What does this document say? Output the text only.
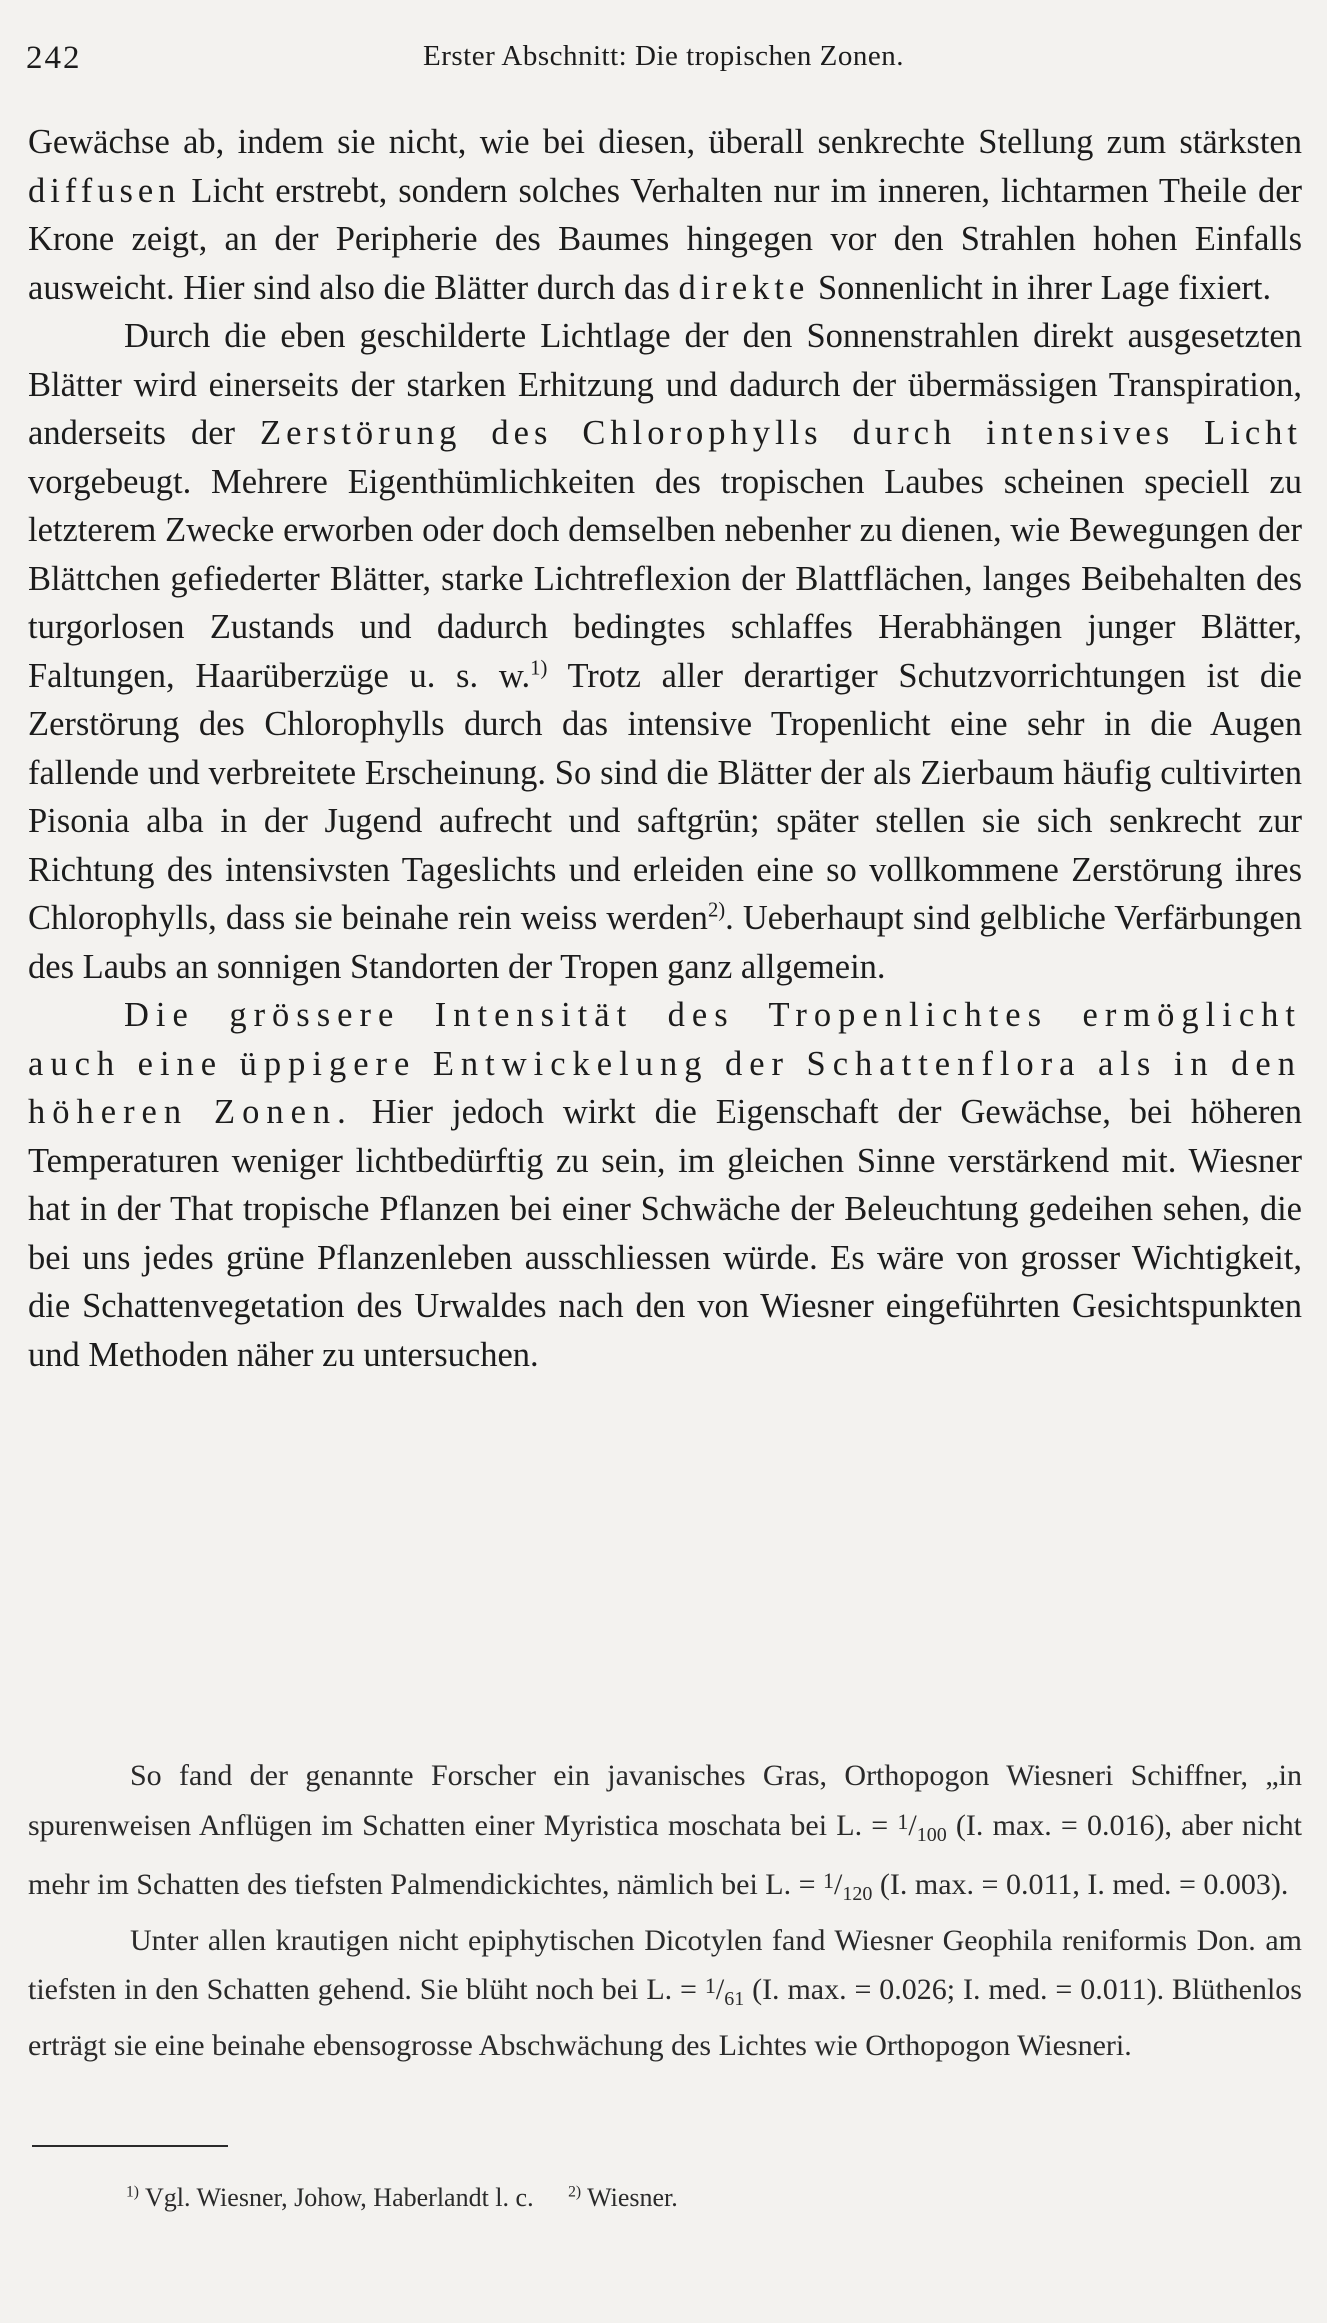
242	Erster Abschnitt: Die tropischen Zonen.

Gewächse ab, indem sie nicht, wie bei diesen, überall senkrechte Stellung zum stärksten diffusen Licht erstrebt, sondern solches Verhalten nur im inneren, lichtarmen Theile der Krone zeigt, an der Peripherie des Baumes hingegen vor den Strahlen hohen Einfalls ausweicht. Hier sind also die Blätter durch das direkte Sonnenlicht in ihrer Lage fixiert.

Durch die eben geschilderte Lichtlage der den Sonnenstrahlen direkt ausgesetzten Blätter wird einerseits der starken Erhitzung und dadurch der übermässigen Transpiration, anderseits der Zerstörung des Chlorophylls durch intensives Licht vorgebeugt. Mehrere Eigenthümlichkeiten des tropischen Laubes scheinen speciell zu letzterem Zwecke erworben oder doch demselben nebenher zu dienen, wie Bewegungen der Blättchen gefiederter Blätter, starke Lichtreflexion der Blattflächen, langes Beibehalten des turgorlosen Zustands und dadurch bedingtes schlaffes Herabhängen junger Blätter, Faltungen, Haarüberzüge u. s. w.$^{1)}$ Trotz aller derartiger Schutzvorrichtungen ist die Zerstörung des Chlorophylls durch das intensive Tropenlicht eine sehr in die Augen fallende und verbreitete Erscheinung. So sind die Blätter der als Zierbaum häufig cultivirten Pisonia alba in der Jugend aufrecht und saftgrün; später stellen sie sich senkrecht zur Richtung des intensivsten Tageslichts und erleiden eine so vollkommene Zerstörung ihres Chlorophylls, dass sie beinahe rein weiss werden$^{2)}$. Ueberhaupt sind gelbliche Verfärbungen des Laubs an sonnigen Standorten der Tropen ganz allgemein.

Die grössere Intensität des Tropenlichtes ermöglicht auch eine üppigere Entwickelung der Schattenflora als in den höheren Zonen. Hier jedoch wirkt die Eigenschaft der Gewächse, bei höheren Temperaturen weniger lichtbedürftig zu sein, im gleichen Sinne verstärkend mit. Wiesner hat in der That tropische Pflanzen bei einer Schwäche der Beleuchtung gedeihen sehen, die bei uns jedes grüne Pflanzenleben ausschliessen würde. Es wäre von grosser Wichtigkeit, die Schattenvegetation des Urwaldes nach den von Wiesner eingeführten Gesichtspunkten und Methoden näher zu untersuchen.

So fand der genannte Forscher ein javanisches Gras, Orthopogon Wiesneri Schiffner, „in spurenweisen Anflügen im Schatten einer Myristica moschata bei L. = $^1/_{100}$ (I. max. = 0.016), aber nicht mehr im Schatten des tiefsten Palmendickichtes, nämlich bei L. = $^1/_{120}$ (I. max. = 0.011, I. med. = 0.003).

Unter allen krautigen nicht epiphytischen Dicotylen fand Wiesner Geophila reniformis Don. am tiefsten in den Schatten gehend. Sie blüht noch bei L. = $^1/_{61}$ (I. max. = 0.026; I. med. = 0.011). Blüthenlos erträgt sie eine beinahe ebensogrosse Abschwächung des Lichtes wie Orthopogon Wiesneri.

$^{1)}$ Vgl. Wiesner, Johow, Haberlandt l. c. $^{2)}$ Wiesner.
